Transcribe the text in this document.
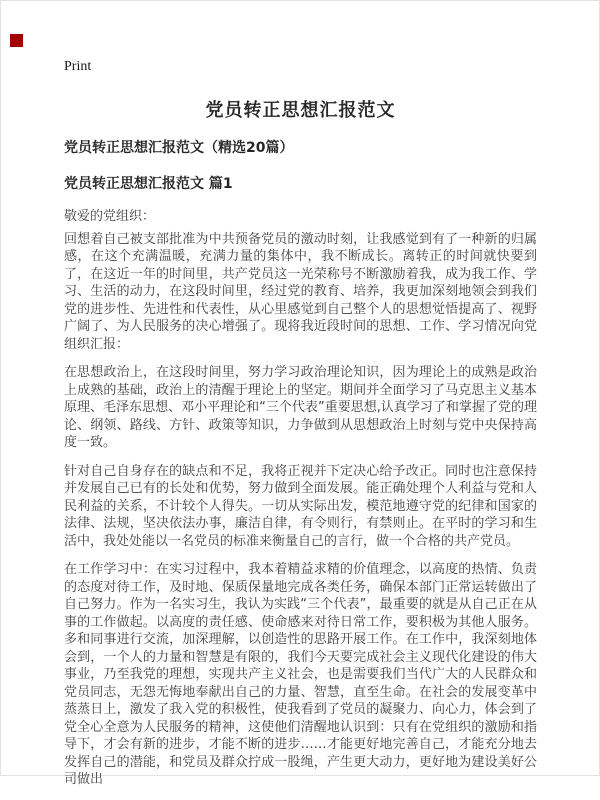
Print
党员转正思想汇报范文
党员转正思想汇报范文（精选20篇）
党员转正思想汇报范文 篇1

敬爱的党组织：

回想着自己被支部批准为中共预备党员的激动时刻，让我感觉到有了一种新的归属感，在这个充满温暖，充满力量的集体中，我不断成长。离转正的时间就快要到了，在这近一年的时间里，共产党员这一光荣称号不断激励着我，成为我工作、学习、生活的动力，在这段时间里，经过党的教育、培养，我更加深刻地领会到我们党的进步性、先进性和代表性，从心里感觉到自己整个人的思想觉悟提高了、视野广阔了、为人民服务的决心增强了。现将我近段时间的思想、工作、学习情况向党组织汇报：

在思想政治上，在这段时间里，努力学习政治理论知识，因为理论上的成熟是政治上成熟的基础，政治上的清醒于理论上的坚定。期间并全面学习了马克思主义基本原理、毛泽东思想、邓小平理论和“三个代表”重要思想,认真学习了和掌握了党的理论、纲领、路线、方针、政策等知识，力争做到从思想政治上时刻与党中央保持高度一致。

针对自己自身存在的缺点和不足，我将正视并下定决心给予改正。同时也注意保持并发展自己已有的长处和优势，努力做到全面发展。能正确处理个人利益与党和人民利益的关系，不计较个人得失。一切从实际出发，模范地遵守党的纪律和国家的法律、法规，坚决依法办事，廉洁自律，有令则行，有禁则止。在平时的学习和生活中，我处处能以一名党员的标准来衡量自己的言行，做一个合格的共产党员。

在工作学习中：在实习过程中，我本着精益求精的价值理念，以高度的热情、负责的态度对待工作，及时地、保质保量地完成各类任务，确保本部门正常运转做出了自己努力。作为一名实习生，我认为实践“三个代表”，最重要的就是从自己正在从事的工作做起。以高度的责任感、使命感来对待日常工作，要积极为其他人服务。多和同事进行交流，加深理解，以创造性的思路开展工作。在工作中，我深刻地体会到，一个人的力量和智慧是有限的，我们今天要完成社会主义现代化建设的伟大事业，乃至我党的理想，实现共产主义社会，也是需要我们当代广大的人民群众和党员同志，无怨无悔地奉献出自己的力量、智慧，直至生命。在社会的发展变革中蒸蒸日上，激发了我入党的积极性，使我看到了党员的凝聚力、向心力，体会到了党全心全意为人民服务的精神，这使他们清醒地认识到：只有在党组织的激励和指导下，才会有新的进步，才能不断的进步……才能更好地完善自己，才能充分地去发挥自己的潜能，和党员及群众拧成一股绳，产生更大动力，更好地为建设美好公司做出
